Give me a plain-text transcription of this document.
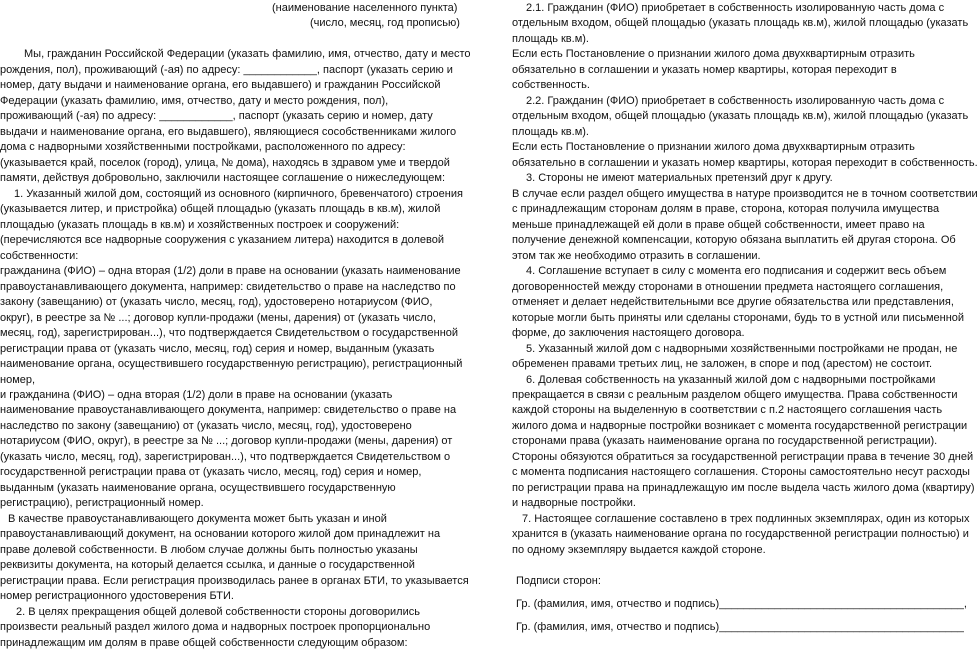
(наименование населенного пункта)
(число, месяц, год прописью)
Мы, гражданин Российской Федерации (указать фамилию, имя, отчество, дату и место
рождения, пол), проживающий (-ая) по адресу: ____________, паспорт (указать серию и
номер, дату выдачи и наименование органа, его выдавшего) и гражданин Российской
Федерации (указать фамилию, имя, отчество, дату и место рождения, пол),
проживающий (-ая) по адресу: ____________, паспорт (указать серию и номер, дату
выдачи и наименование органа, его выдавшего), являющиеся сособственниками жилого
дома с надворными хозяйственными постройками, расположенного по адресу:
(указывается край, поселок (город), улица, № дома), находясь в здравом уме и твердой
памяти, действуя добровольно, заключили настоящее соглашение о нижеследующем:
1. Указанный жилой дом, состоящий из основного (кирпичного, бревенчатого) строения
(указывается литер, и пристройка) общей площадью (указать площадь в кв.м), жилой
площадью (указать площадь в кв.м) и хозяйственных построек и сооружений:
(перечисляются все надворные сооружения с указанием литера) находится в долевой
собственности:
гражданина (ФИО) – одна вторая (1/2) доли в праве на основании (указать наименование
правоустанавливающего документа, например: свидетельство о праве на наследство по
закону (завещанию) от (указать число, месяц, год), удостоверено нотариусом (ФИО,
округ), в реестре за № ...; договор купли-продажи (мены, дарения) от (указать число,
месяц, год), зарегистрирован...), что подтверждается Свидетельством о государственной
регистрации права от (указать число, месяц, год) серия и номер, выданным (указать
наименование органа, осуществившего государственную регистрацию), регистрационный
номер,
и гражданина (ФИО) – одна вторая (1/2) доли в праве на основании (указать
наименование правоустанавливающего документа, например: свидетельство о праве на
наследство по закону (завещанию) от (указать число, месяц, год), удостоверено
нотариусом (ФИО, округ), в реестре за № ...; договор купли-продажи (мены, дарения) от
(указать число, месяц, год), зарегистрирован...), что подтверждается Свидетельством о
государственной регистрации права от (указать число, месяц, год) серия и номер,
выданным (указать наименование органа, осуществившего государственную
регистрацию), регистрационный номер.
В качестве правоустанавливающего документа может быть указан и иной
правоустанавливающий документ, на основании которого жилой дом принадлежит на
праве долевой собственности. В любом случае должны быть полностью указаны
реквизиты документа, на который делается ссылка, и данные о государственной
регистрации права. Если регистрация производилась ранее в органах БТИ, то указывается
номер регистрационного удостоверения БТИ.
2. В целях прекращения общей долевой собственности стороны договорились
произвести реальный раздел жилого дома и надворных построек пропорционально
принадлежащим им долям в праве общей собственности следующим образом:
2.1. Гражданин (ФИО) приобретает в собственность изолированную часть дома с
отдельным входом, общей площадью (указать площадь кв.м), жилой площадью (указать
площадь кв.м).
Если есть Постановление о признании жилого дома двухквартирным отразить
обязательно в соглашении и указать номер квартиры, которая переходит в
собственность.
2.2. Гражданин (ФИО) приобретает в собственность изолированную часть дома с
отдельным входом, общей площадью (указать площадь кв.м), жилой площадью (указать
площадь кв.м).
Если есть Постановление о признании жилого дома двухквартирным отразить
обязательно в соглашении и указать номер квартиры, которая переходит в собственность.
3. Стороны не имеют материальных претензий друг к другу.
В случае если раздел общего имущества в натуре производится не в точном соответствии
с принадлежащим сторонам долям в праве, сторона, которая получила имущества
меньше принадлежащей ей доли в праве общей собственности, имеет право на
получение денежной компенсации, которую обязана выплатить ей другая сторона. Об
этом так же необходимо отразить в соглашении.
4. Соглашение вступает в силу с момента его подписания и содержит весь объем
договоренностей между сторонами в отношении предмета настоящего соглашения,
отменяет и делает недействительными все другие обязательства или представления,
которые могли быть приняты или сделаны сторонами, будь то в устной или письменной
форме, до заключения настоящего договора.
5. Указанный жилой дом с надворными хозяйственными постройками не продан, не
обременен правами третьих лиц, не заложен, в споре и под (арестом) не состоит.
6. Долевая собственность на указанный жилой дом с надворными постройками
прекращается в связи с реальным разделом общего имущества. Права собственности
каждой стороны на выделенную в соответствии с п.2 настоящего соглашения часть
жилого дома и надворные постройки возникает с момента государственной регистрации
сторонами права (указать наименование органа по государственной регистрации).
Стороны обязуются обратиться за государственной регистрации права в течение 30 дней
с момента подписания настоящего соглашения. Стороны самостоятельно несут расходы
по регистрации права на принадлежащую им после выдела часть жилого дома (квартиру)
и надворные постройки.
7. Настоящее соглашение составлено в трех подлинных экземплярах, один из которых
хранится в (указать наименование органа по государственной регистрации полностью) и
по одному экземпляру выдается каждой стороне.
Подписи сторон:
Гр. (фамилия, имя, отчество и подпись)________________________________________,
Гр. (фамилия, имя, отчество и подпись)________________________________________
